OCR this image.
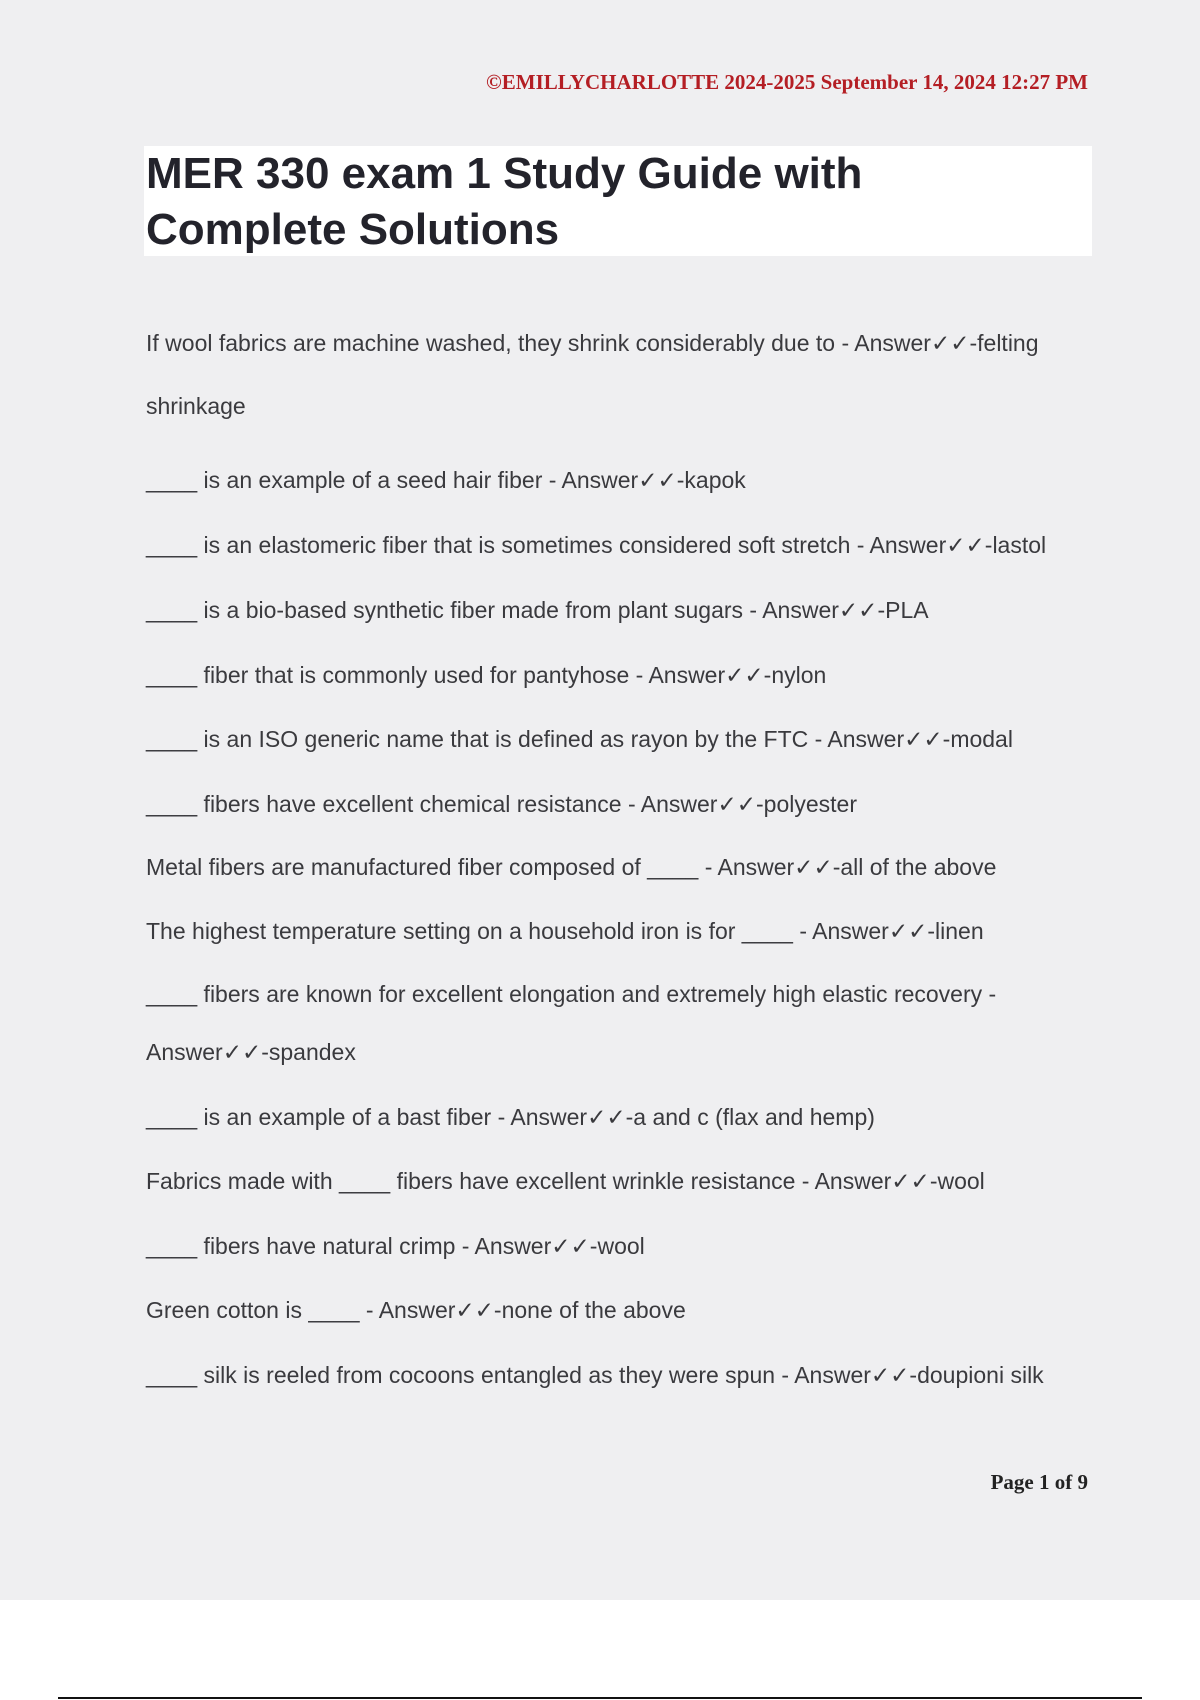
©EMILLYCHARLOTTE 2024-2025 September 14, 2024 12:27 PM
MER 330 exam 1 Study Guide with
Complete Solutions
If wool fabrics are machine washed, they shrink considerably due to - Answer✓✓-felting
shrinkage
____ is an example of a seed hair fiber - Answer✓✓-kapok
____ is an elastomeric fiber that is sometimes considered soft stretch - Answer✓✓-lastol
____ is a bio-based synthetic fiber made from plant sugars - Answer✓✓-PLA
____ fiber that is commonly used for pantyhose - Answer✓✓-nylon
____ is an ISO generic name that is defined as rayon by the FTC - Answer✓✓-modal
____ fibers have excellent chemical resistance - Answer✓✓-polyester
Metal fibers are manufactured fiber composed of ____ - Answer✓✓-all of the above
The highest temperature setting on a household iron is for ____ - Answer✓✓-linen
____ fibers are known for excellent elongation and extremely high elastic recovery -
Answer✓✓-spandex
____ is an example of a bast fiber - Answer✓✓-a and c (flax and hemp)
Fabrics made with ____ fibers have excellent wrinkle resistance - Answer✓✓-wool
____ fibers have natural crimp - Answer✓✓-wool
Green cotton is ____ - Answer✓✓-none of the above
____ silk is reeled from cocoons entangled as they were spun - Answer✓✓-doupioni silk
Page 1 of 9
